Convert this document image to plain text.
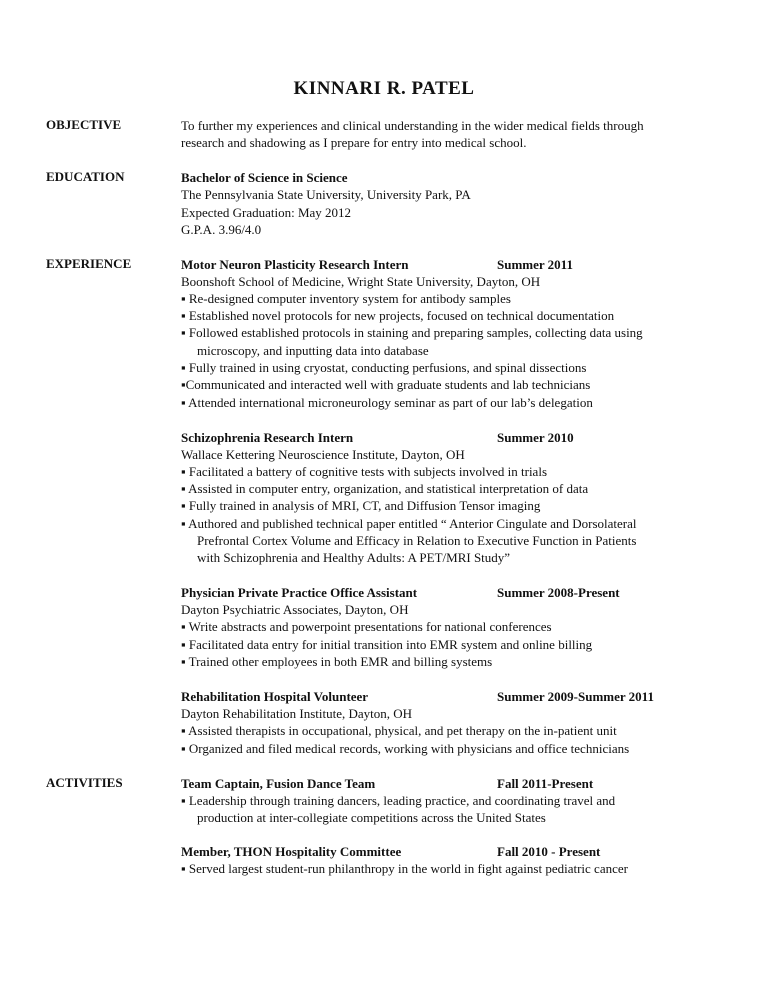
KINNARI R. PATEL
OBJECTIVE	To further my experiences and clinical understanding in the wider medical fields through
research and shadowing as I prepare for entry into medical school.
EDUCATION	Bachelor of Science in Science
The Pennsylvania State University, University Park, PA
Expected Graduation: May 2012
G.P.A. 3.96/4.0
EXPERIENCE	Motor Neuron Plasticity Research Intern	Summer 2011
Boonshoft School of Medicine, Wright State University, Dayton, OH
▪ Re-designed computer inventory system for antibody samples
▪ Established novel protocols for new projects, focused on technical documentation
▪ Followed established protocols in staining and preparing samples, collecting data using
microscopy, and inputting data into database
▪ Fully trained in using cryostat, conducting perfusions, and spinal dissections
▪Communicated and interacted well with graduate students and lab technicians
▪ Attended international microneurology seminar as part of our lab’s delegation
Schizophrenia Research Intern	Summer 2010
Wallace Kettering Neuroscience Institute, Dayton, OH
▪ Facilitated a battery of cognitive tests with subjects involved in trials
▪ Assisted in computer entry, organization, and statistical interpretation of data
▪ Fully trained in analysis of MRI, CT, and Diffusion Tensor imaging
▪ Authored and published technical paper entitled “ Anterior Cingulate and Dorsolateral
Prefrontal Cortex Volume and Efficacy in Relation to Executive Function in Patients
with Schizophrenia and Healthy Adults: A PET/MRI Study”
Physician Private Practice Office Assistant	Summer 2008-Present
Dayton Psychiatric Associates, Dayton, OH
▪ Write abstracts and powerpoint presentations for national conferences
▪ Facilitated data entry for initial transition into EMR system and online billing
▪ Trained other employees in both EMR and billing systems
Rehabilitation Hospital Volunteer	Summer 2009-Summer 2011
Dayton Rehabilitation Institute, Dayton, OH
▪ Assisted therapists in occupational, physical, and pet therapy on the in-patient unit
▪ Organized and filed medical records, working with physicians and office technicians
ACTIVITIES	Team Captain, Fusion Dance Team	Fall 2011-Present
▪ Leadership through training dancers, leading practice, and coordinating travel and
production at inter-collegiate competitions across the United States
Member, THON Hospitality Committee	Fall 2010 - Present
▪ Served largest student-run philanthropy in the world in fight against pediatric cancer
